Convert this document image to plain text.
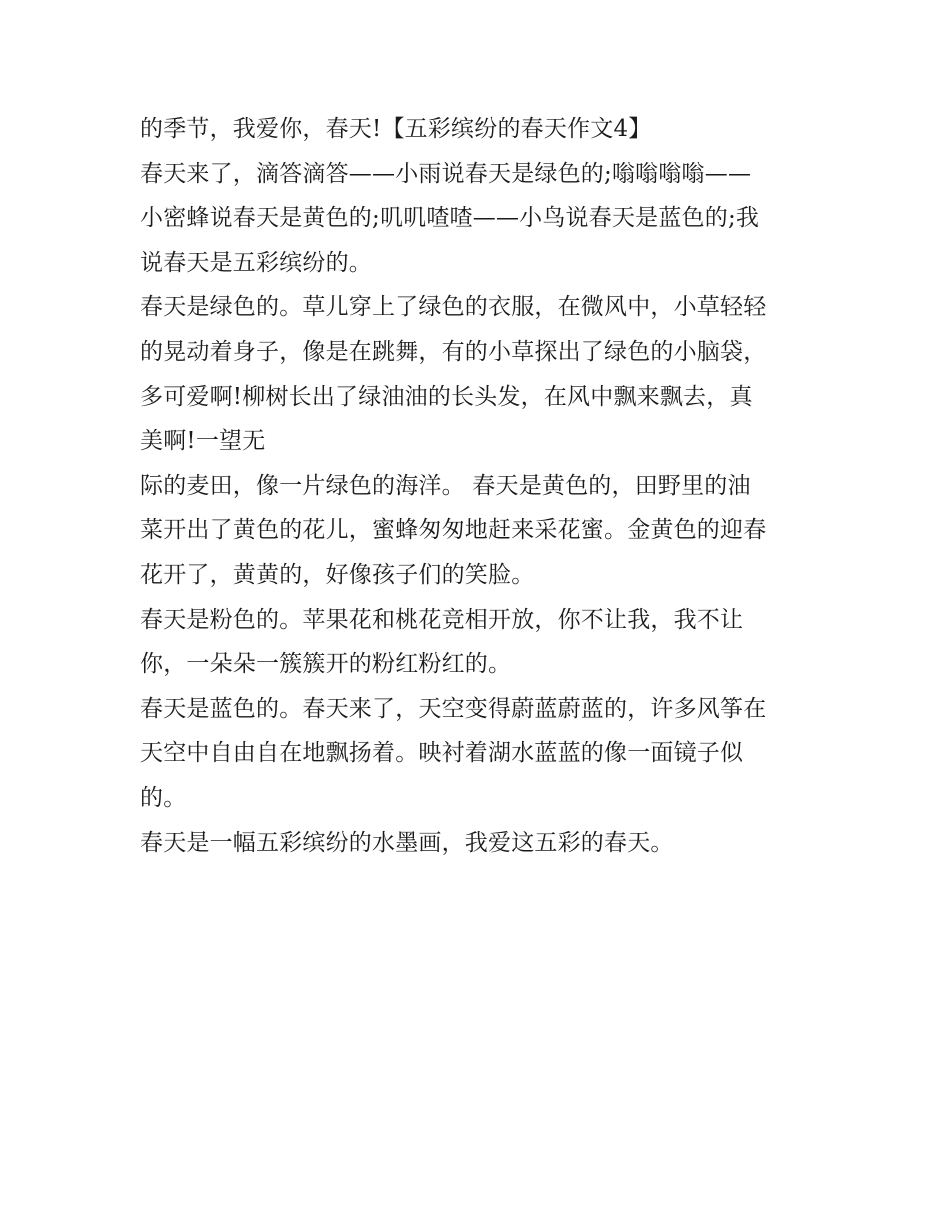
的季节，我爱你，春天!【五彩缤纷的春天作文4】
春天来了，滴答滴答——小雨说春天是绿色的;嗡嗡嗡嗡——
小密蜂说春天是黄色的;叽叽喳喳——小鸟说春天是蓝色的;我
说春天是五彩缤纷的。
春天是绿色的。草儿穿上了绿色的衣服，在微风中，小草轻轻
的晃动着身子，像是在跳舞，有的小草探出了绿色的小脑袋，
多可爱啊!柳树长出了绿油油的长头发，在风中飘来飘去，真
美啊!一望无
际的麦田，像一片绿色的海洋。 春天是黄色的，田野里的油
菜开出了黄色的花儿，蜜蜂匆匆地赶来采花蜜。金黄色的迎春
花开了，黄黄的，好像孩子们的笑脸。
春天是粉色的。苹果花和桃花竞相开放，你不让我，我不让
你，一朵朵一簇簇开的粉红粉红的。
春天是蓝色的。春天来了，天空变得蔚蓝蔚蓝的，许多风筝在
天空中自由自在地飘扬着。映衬着湖水蓝蓝的像一面镜子似
的。
春天是一幅五彩缤纷的水墨画，我爱这五彩的春天。
